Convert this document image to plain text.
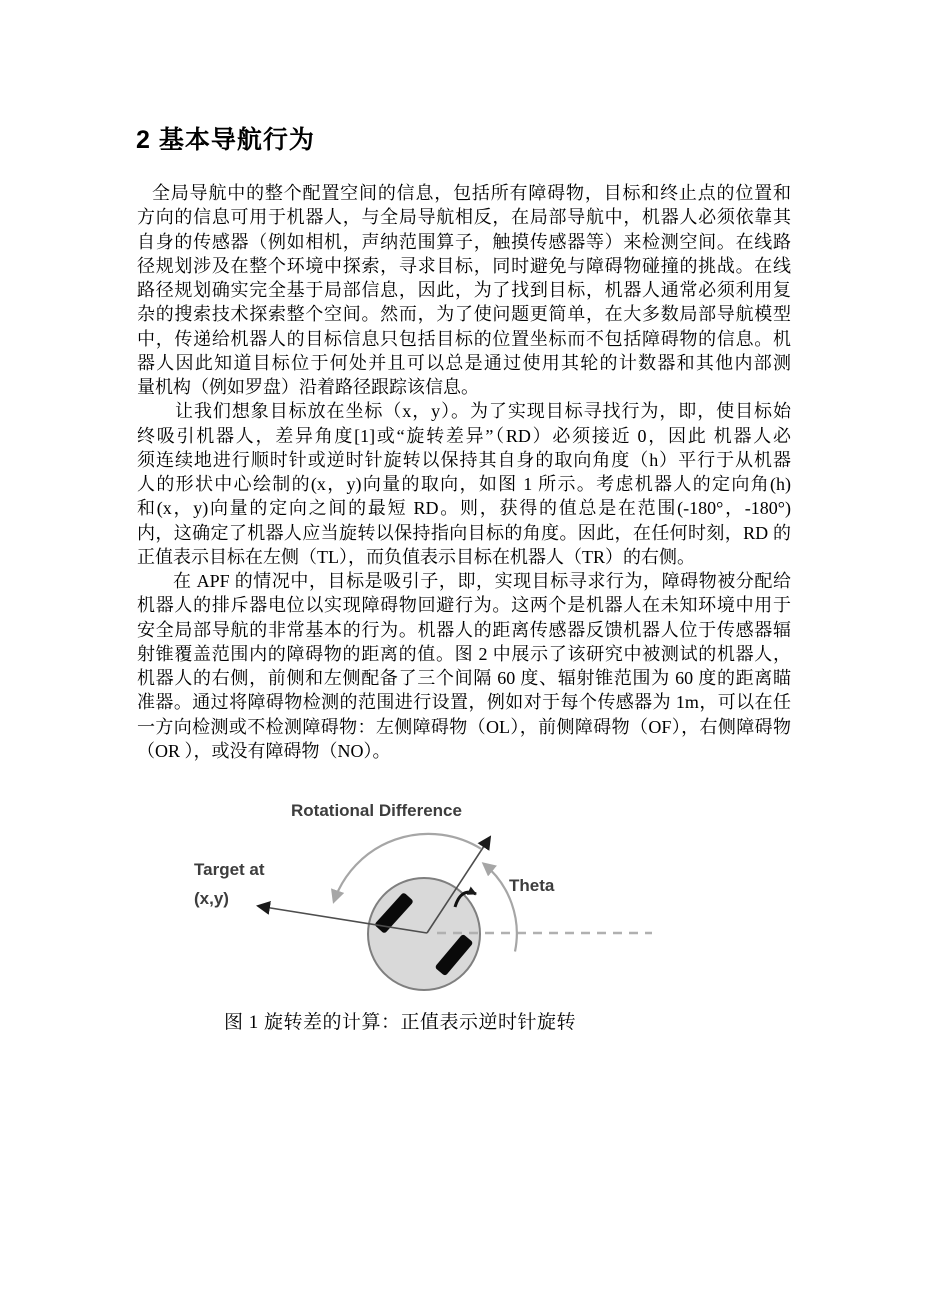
2 基本导航行为
全局导航中的整个配置空间的信息，包括所有障碍物，目标和终止点的位置和
方向的信息可用于机器人，与全局导航相反，在局部导航中，机器人必须依靠其
自身的传感器（例如相机，声纳范围算子，触摸传感器等）来检测空间。在线路
径规划涉及在整个环境中探索，寻求目标，同时避免与障碍物碰撞的挑战。在线
路径规划确实完全基于局部信息，因此，为了找到目标，机器人通常必须利用复
杂的搜索技术探索整个空间。然而，为了使问题更简单，在大多数局部导航模型
中，传递给机器人的目标信息只包括目标的位置坐标而不包括障碍物的信息。机
器人因此知道目标位于何处并且可以总是通过使用其轮的计数器和其他内部测
量机构（例如罗盘）沿着路径跟踪该信息。
让我们想象目标放在坐标（x，y）。为了实现目标寻找行为，即，使目标始
终吸引机器人，差异角度[1]或“旋转差异”（RD）必须接近 0，因此 机器人必
须连续地进行顺时针或逆时针旋转以保持其自身的取向角度（h）平行于从机器
人的形状中心绘制的(x，y)向量的取向，如图 1 所示。考虑机器人的定向角(h)
和(x，y)向量的定向之间的最短 RD。则，获得的值总是在范围(-180°，-180°)
内，这确定了机器人应当旋转以保持指向目标的角度。因此，在任何时刻，RD 的
正值表示目标在左侧（TL），而负值表示目标在机器人（TR）的右侧。
在 APF 的情况中，目标是吸引子，即，实现目标寻求行为，障碍物被分配给
机器人的排斥器电位以实现障碍物回避行为。这两个是机器人在未知环境中用于
安全局部导航的非常基本的行为。机器人的距离传感器反馈机器人位于传感器辐
射锥覆盖范围内的障碍物的距离的值。图 2 中展示了该研究中被测试的机器人，
机器人的右侧，前侧和左侧配备了三个间隔 60 度、辐射锥范围为 60 度的距离瞄
准器。通过将障碍物检测的范围进行设置，例如对于每个传感器为 1m，可以在任
一方向检测或不检测障碍物：左侧障碍物（OL），前侧障碍物（OF），右侧障碍物
（OR ），或没有障碍物（NO）。
Rotational Difference
Target at
(x,y)
Theta
图 1 旋转差的计算：正值表示逆时针旋转
